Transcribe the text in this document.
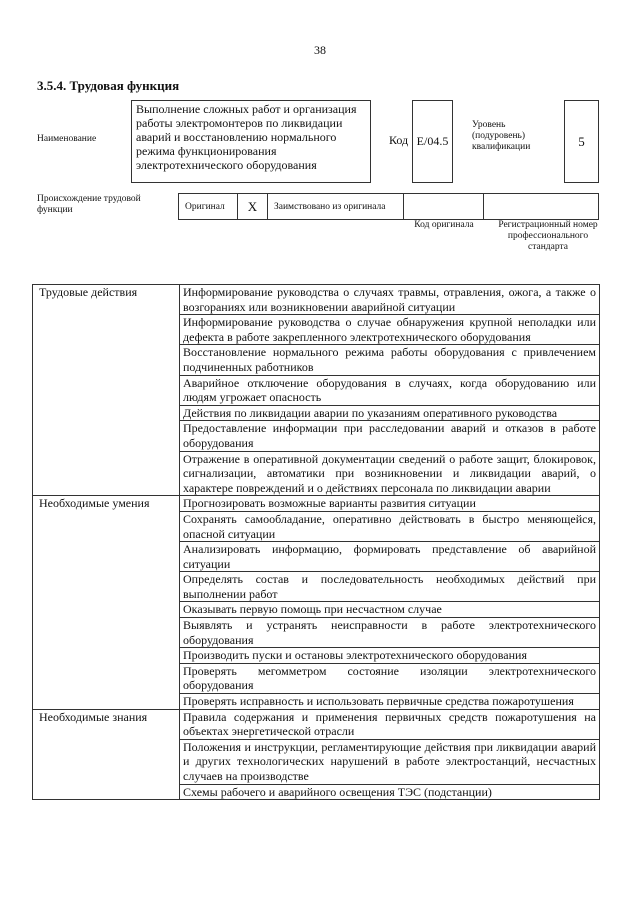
38
3.5.4. Трудовая функция
Наименование
Выполнение сложных работ и организация работы электромонтеров по ликвидации аварий и восстановлению нормального режима функционирования электротехнического оборудования
Код E/04.5
Уровень (подуровень) квалификации	5
Происхождение трудовой функции	Оригинал	X	Заимствовано из оригинала
Код оригинала	Регистрационный номер профессионального стандарта
Трудовые действия	Информирование руководства о случаях травмы, отравления, ожога, а также о возгораниях или возникновении аварийной ситуации
Информирование руководства о случае обнаружения крупной неполадки или дефекта в работе закрепленного электротехнического оборудования
Восстановление нормального режима работы оборудования с привлечением подчиненных работников
Аварийное отключение оборудования в случаях, когда оборудованию или людям угрожает опасность
Действия по ликвидации аварии по указаниям оперативного руководства
Предоставление информации при расследовании аварий и отказов в работе оборудования
Отражение в оперативной документации сведений о работе защит, блокировок, сигнализации, автоматики при возникновении и ликвидации аварий, о характере повреждений и о действиях персонала по ликвидации аварии
Необходимые умения	Прогнозировать возможные варианты развития ситуации
Сохранять самообладание, оперативно действовать в быстро меняющейся, опасной ситуации
Анализировать информацию, формировать представление об аварийной ситуации
Определять состав и последовательность необходимых действий при выполнении работ
Оказывать первую помощь при несчастном случае
Выявлять и устранять неисправности в работе электротехнического оборудования
Производить пуски и остановы электротехнического оборудования
Проверять мегомметром состояние изоляции электротехнического оборудования
Проверять исправность и использовать первичные средства пожаротушения
Необходимые знания	Правила содержания и применения первичных средств пожаротушения на объектах энергетической отрасли
Положения и инструкции, регламентирующие действия при ликвидации аварий и других технологических нарушений в работе электростанций, несчастных случаев на производстве
Схемы рабочего и аварийного освещения ТЭС (подстанции)
